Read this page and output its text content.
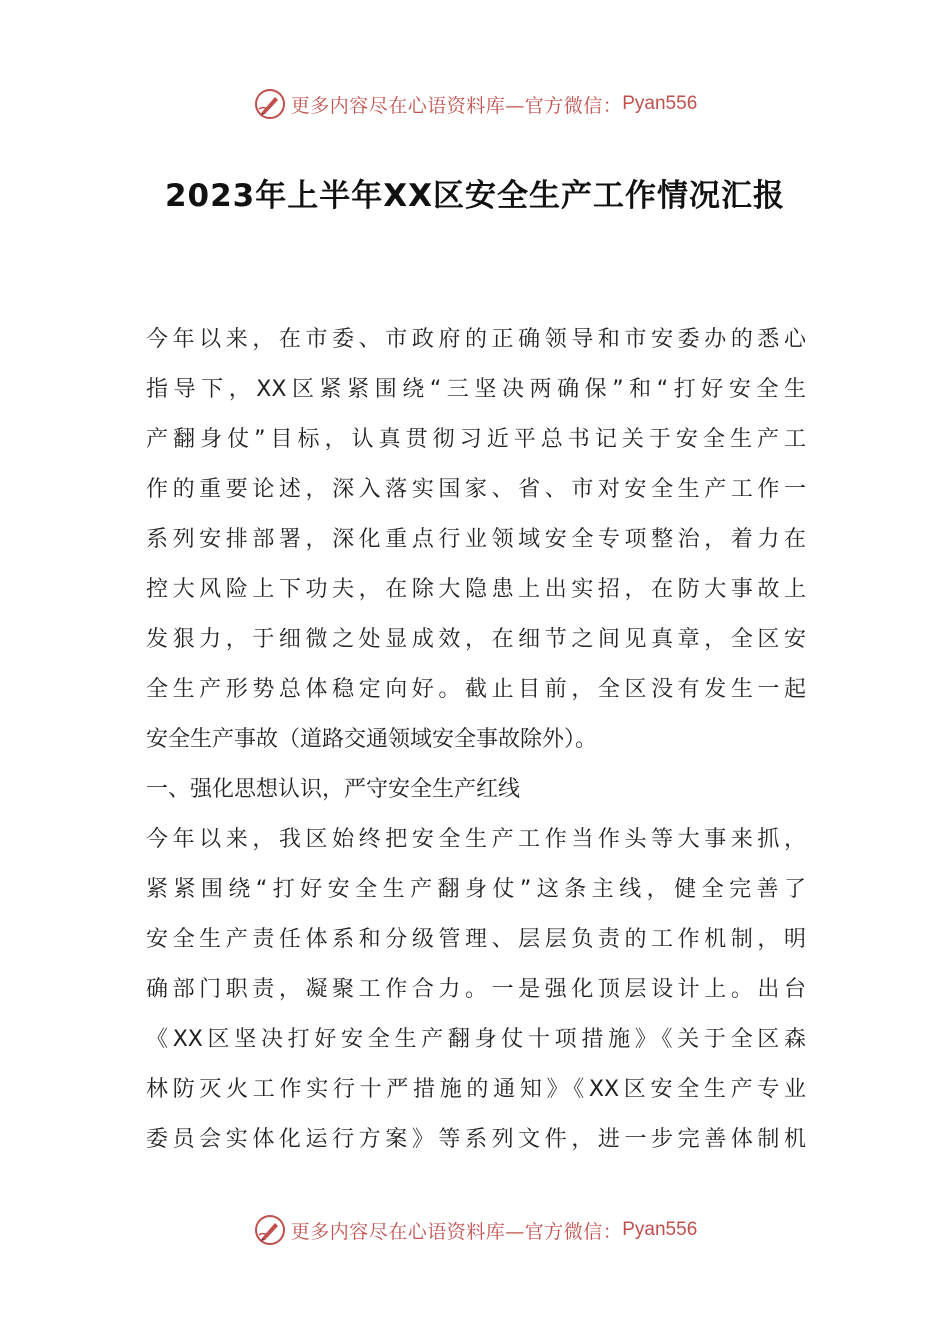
更多内容尽在心语资料库—官方微信： Pyan556
2023年上半年XX区安全生产工作情况汇报
今年以来，在市委、市政府的正确领导和市安委办的悉心
指导下，XX区紧紧围绕“三坚决两确保”和“打好安全生
产翻身仗”目标，认真贯彻习近平总书记关于安全生产工
作的重要论述，深入落实国家、省、市对安全生产工作一
系列安排部署，深化重点行业领域安全专项整治，着力在
控大风险上下功夫，在除大隐患上出实招，在防大事故上
发狠力，于细微之处显成效，在细节之间见真章，全区安
全生产形势总体稳定向好。截止目前，全区没有发生一起
安全生产事故（道路交通领域安全事故除外）。
一、强化思想认识，严守安全生产红线
今年以来，我区始终把安全生产工作当作头等大事来抓，
紧紧围绕“打好安全生产翻身仗”这条主线，健全完善了
安全生产责任体系和分级管理、层层负责的工作机制，明
确部门职责，凝聚工作合力。一是强化顶层设计上。出台
《XX区坚决打好安全生产翻身仗十项措施》《关于全区森
林防灭火工作实行十严措施的通知》《XX区安全生产专业
委员会实体化运行方案》等系列文件，进一步完善体制机
更多内容尽在心语资料库—官方微信： Pyan556
